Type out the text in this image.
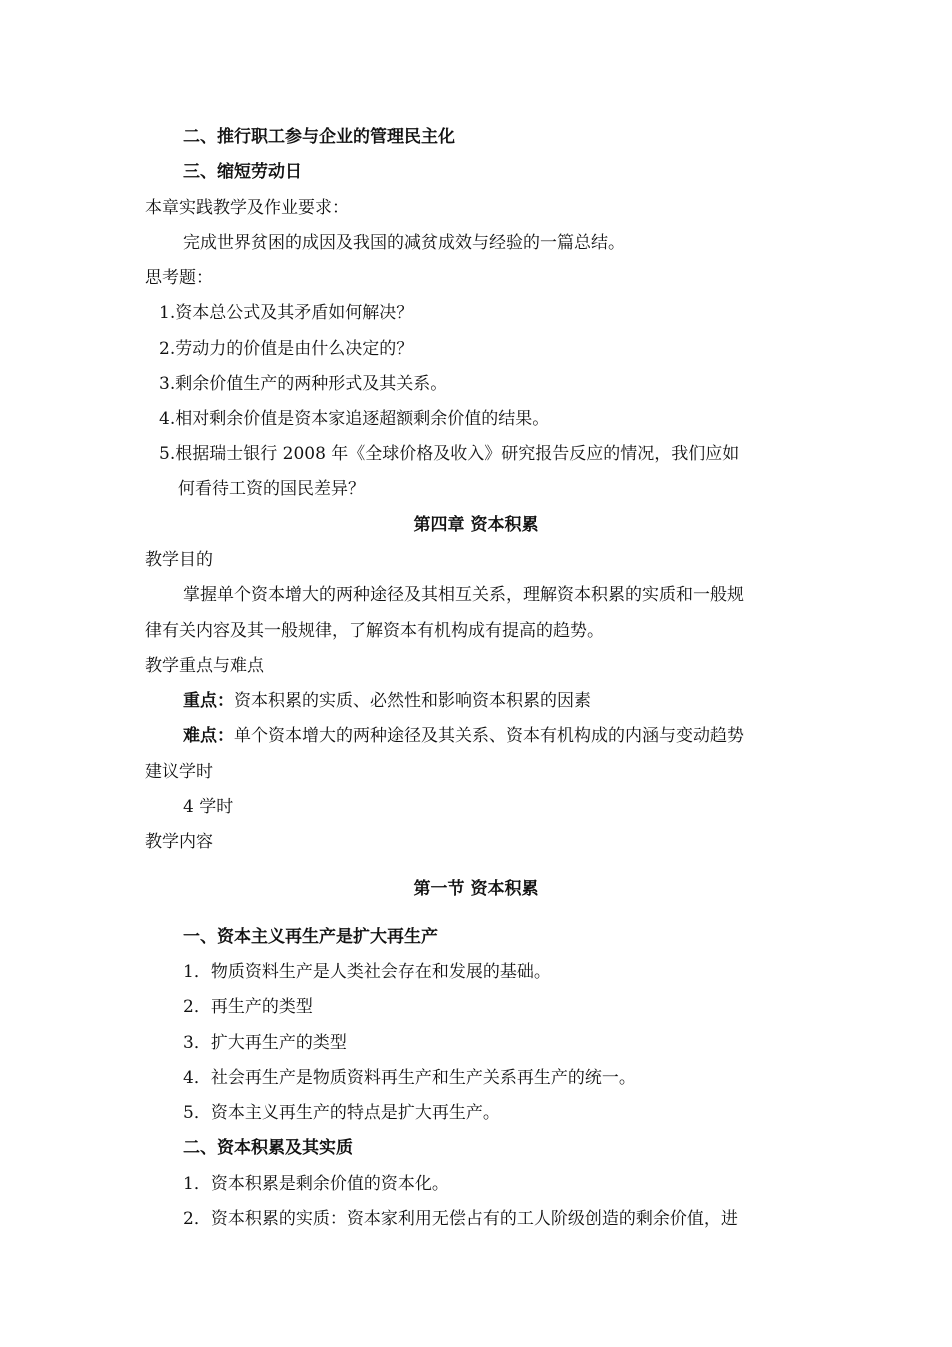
二、推行职工参与企业的管理民主化
三、缩短劳动日
本章实践教学及作业要求：
完成世界贫困的成因及我国的减贫成效与经验的一篇总结。
思考题：
1.资本总公式及其矛盾如何解决？
2.劳动力的价值是由什么决定的？
3.剩余价值生产的两种形式及其关系。
4.相对剩余价值是资本家追逐超额剩余价值的结果。
5.根据瑞士银行 2008 年《全球价格及收入》研究报告反应的情况，我们应如
何看待工资的国民差异？
第四章 资本积累
教学目的
掌握单个资本增大的两种途径及其相互关系，理解资本积累的实质和一般规
律有关内容及其一般规律，了解资本有机构成有提高的趋势。
教学重点与难点
重点：资本积累的实质、必然性和影响资本积累的因素
难点：单个资本增大的两种途径及其关系、资本有机构成的内涵与变动趋势
建议学时
4 学时
教学内容
第一节 资本积累
一、资本主义再生产是扩大再生产
1．物质资料生产是人类社会存在和发展的基础。
2．再生产的类型
3．扩大再生产的类型
4．社会再生产是物质资料再生产和生产关系再生产的统一。
5．资本主义再生产的特点是扩大再生产。
二、资本积累及其实质
1．资本积累是剩余价值的资本化。
2．资本积累的实质：资本家利用无偿占有的工人阶级创造的剩余价值，进
